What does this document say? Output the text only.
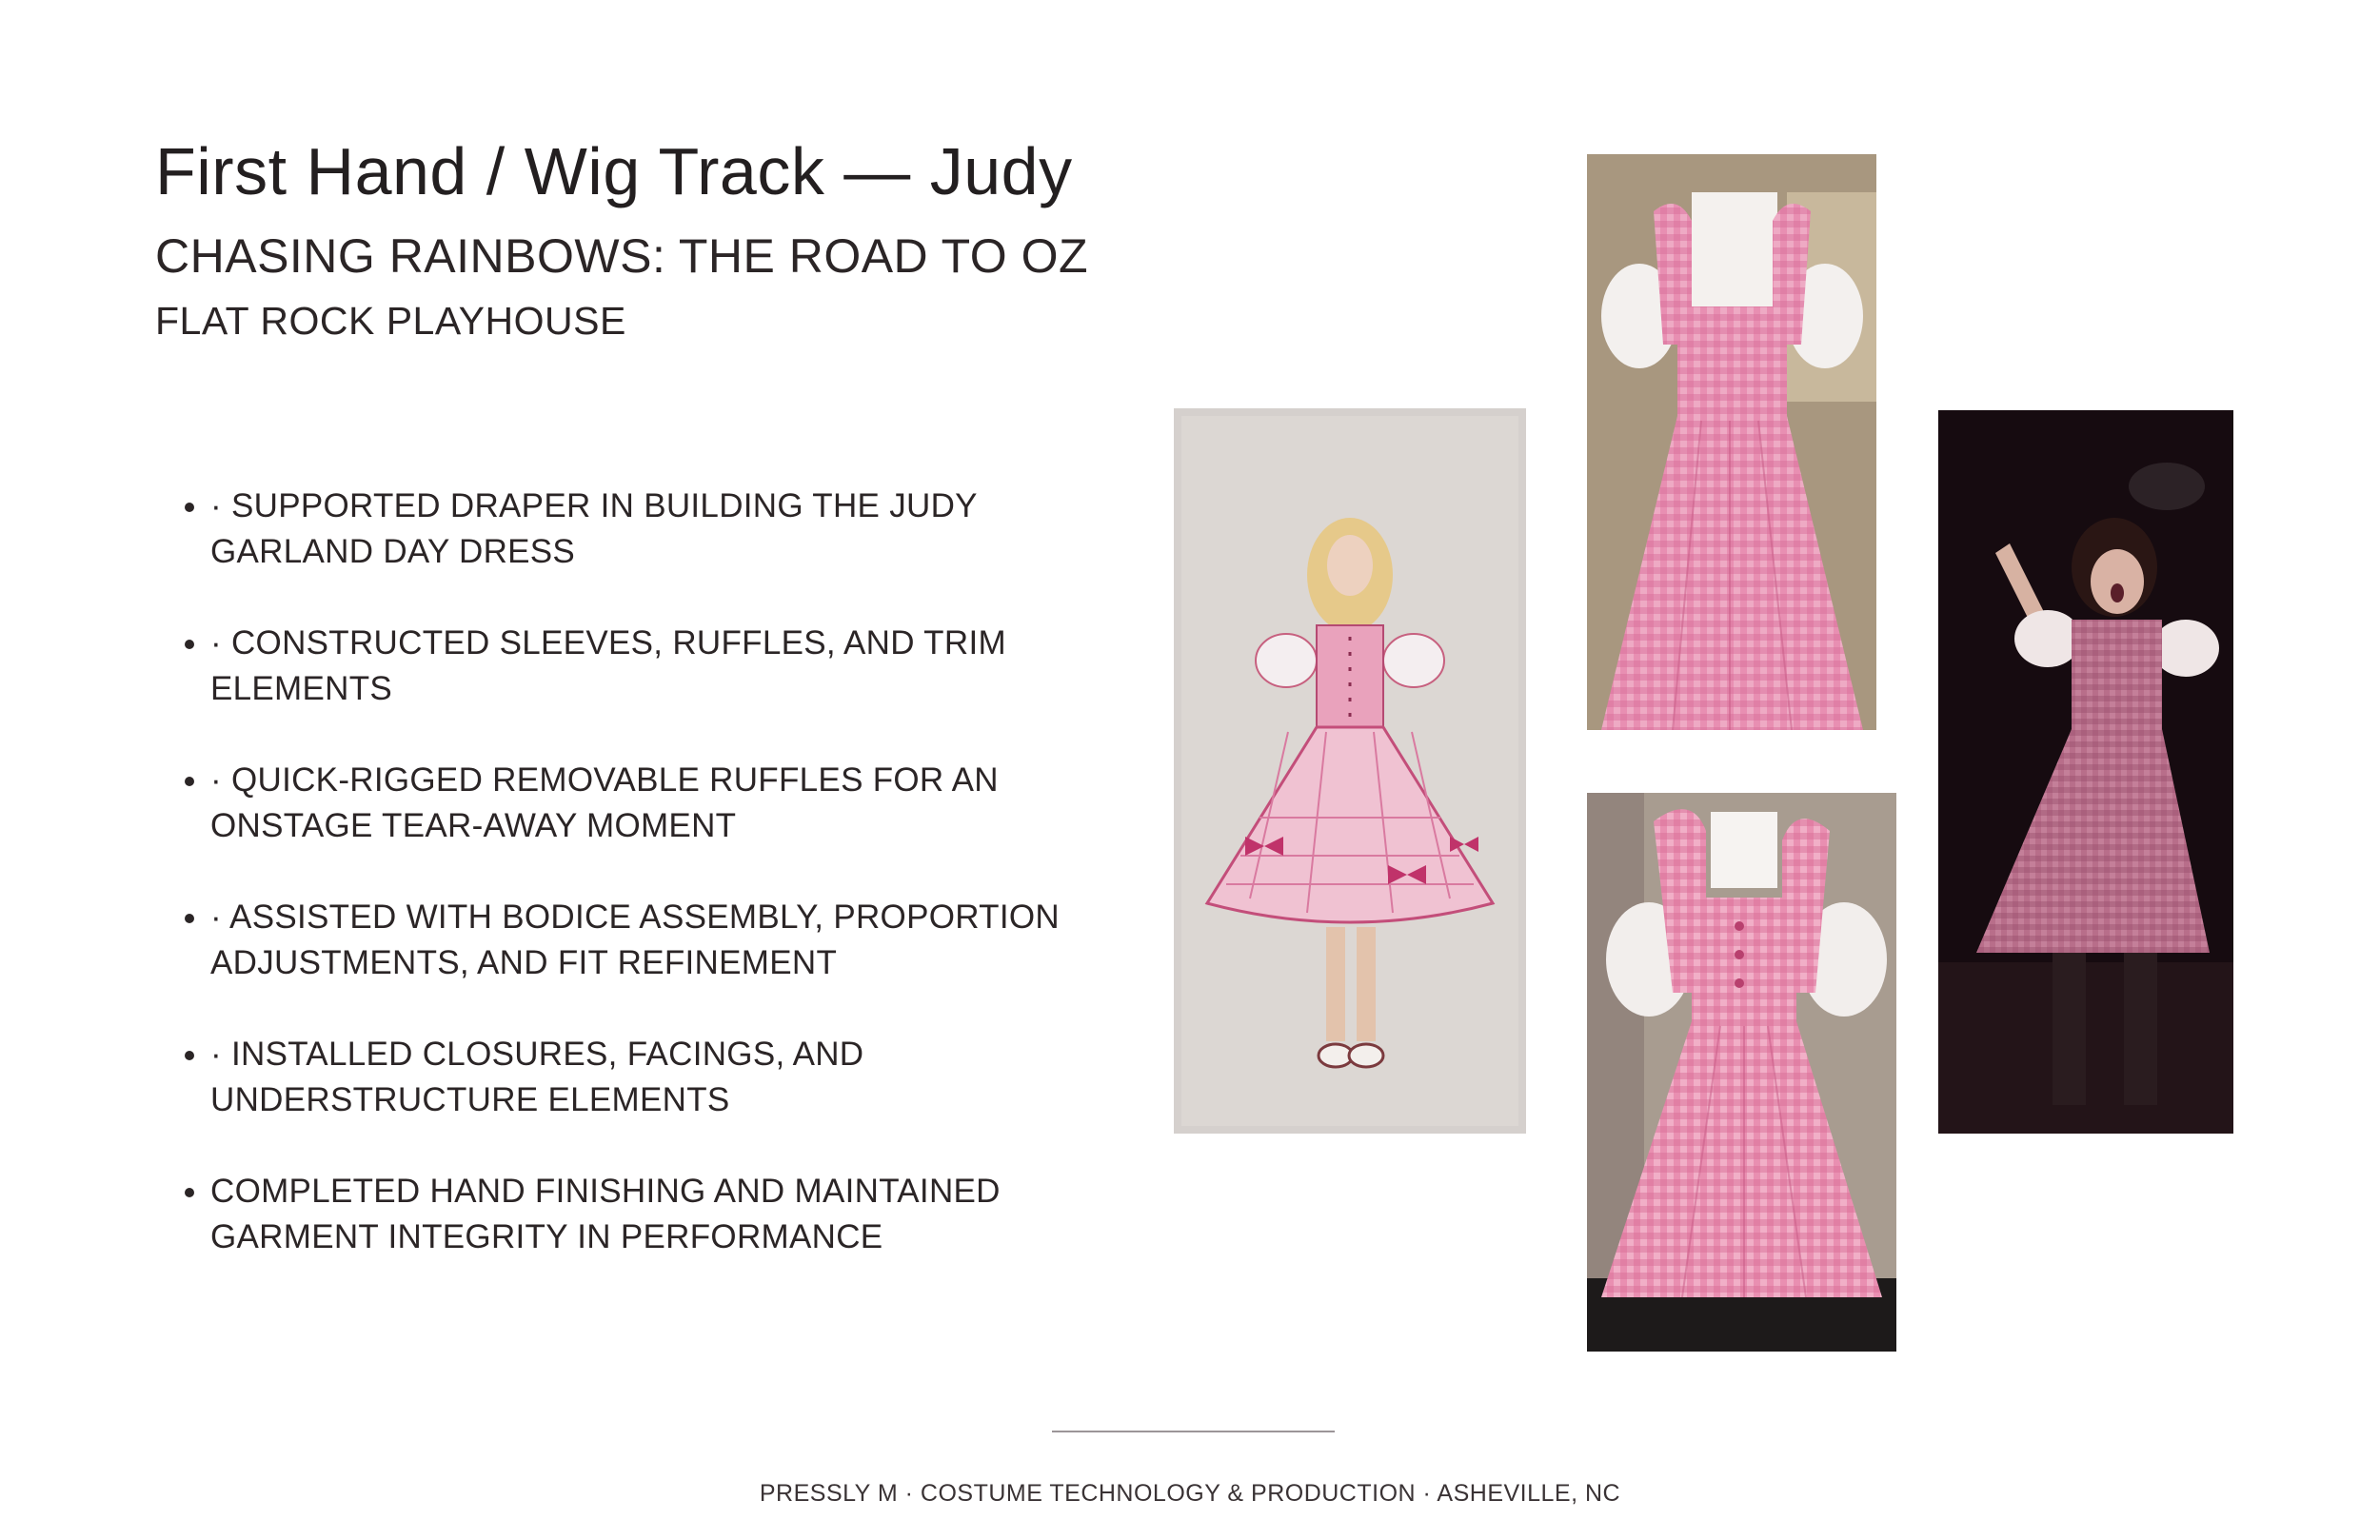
First Hand / Wig Track — Judy
CHASING RAINBOWS: THE ROAD TO OZ
FLAT ROCK PLAYHOUSE
• · SUPPORTED DRAPER IN BUILDING THE JUDY GARLAND DAY DRESS
• · CONSTRUCTED SLEEVES, RUFFLES, AND TRIM ELEMENTS
• · QUICK-RIGGED REMOVABLE RUFFLES FOR AN ONSTAGE TEAR-AWAY MOMENT
• · ASSISTED WITH BODICE ASSEMBLY, PROPORTION ADJUSTMENTS, AND FIT REFINEMENT
• · INSTALLED CLOSURES, FACINGS, AND UNDERSTRUCTURE ELEMENTS
• COMPLETED HAND FINISHING AND MAINTAINED GARMENT INTEGRITY IN PERFORMANCE
PRESSLY M · COSTUME TECHNOLOGY & PRODUCTION · ASHEVILLE, NC
